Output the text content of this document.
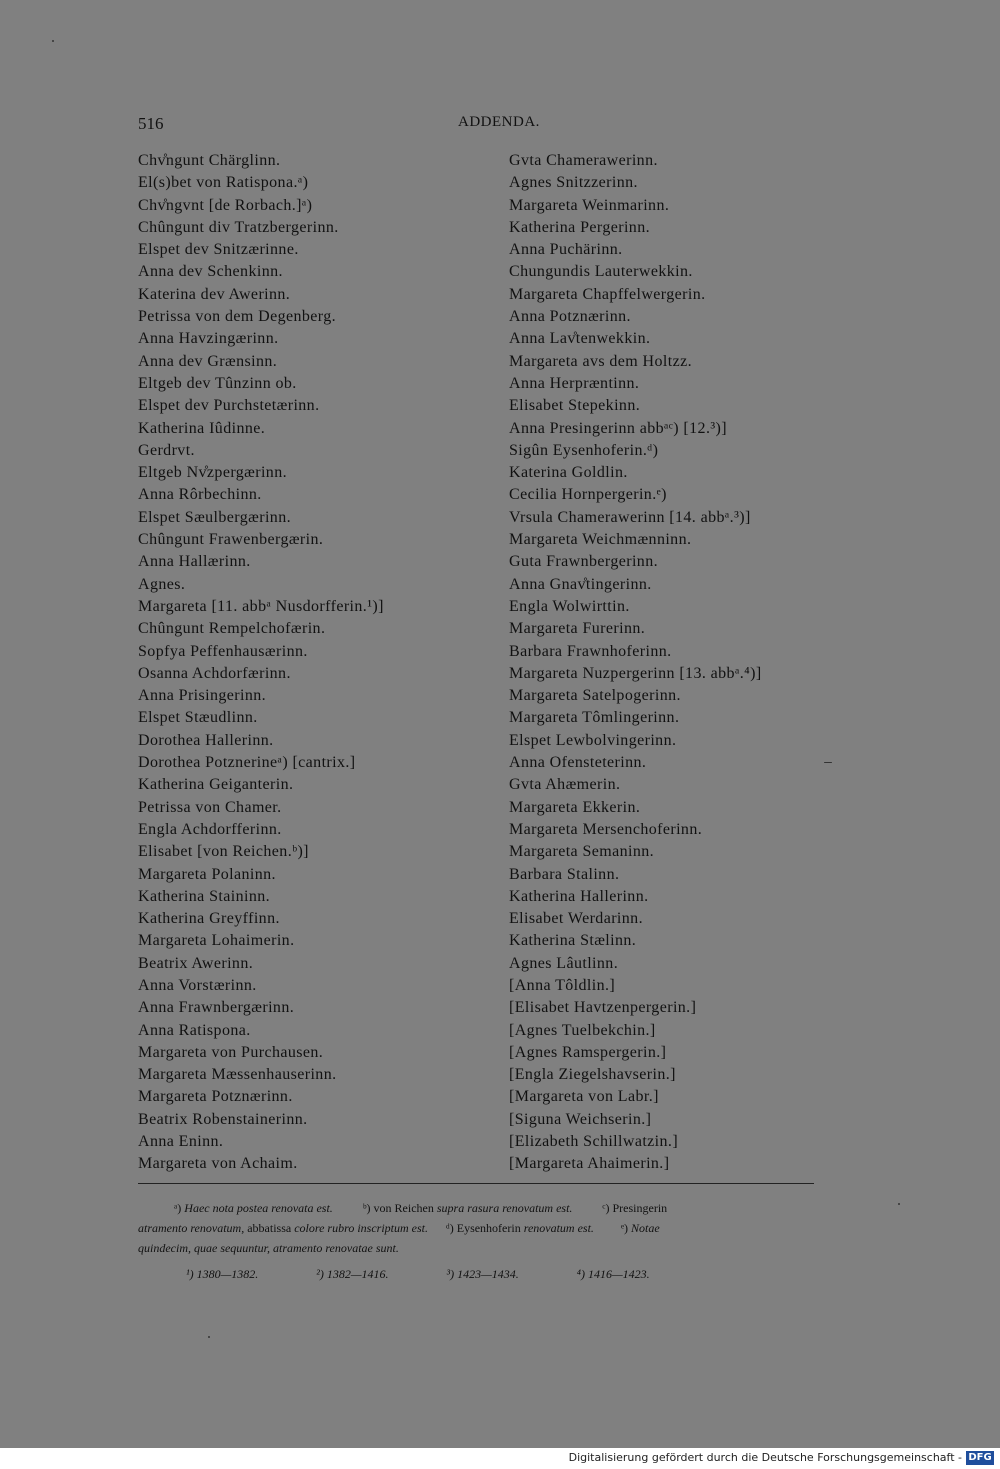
516	ADDENDA.
Chv̊ngunt Chärglinn.
El(s)bet von Ratispona.ᵃ)
Chv̊ngvnt [de Rorbach.]ᵃ)
Chûngunt div Tratzbergerinn.
Elspet dev Snitzærinne.
Anna dev Schenkinn.
Katerina dev Awerinn.
Petrissa von dem Degenberg.
Anna Havzingærinn.
Anna dev Grænsinn.
Eltgeb dev Tûnzinn ob.
Elspet dev Purchstetærinn.
Katherina Iûdinne.
Gerdrvt.
Eltgeb Nv̊zpergærinn.
Anna Rôrbechinn.
Elspet Sæulbergærinn.
Chûngunt Frawenbergærin.
Anna Hallærinn.
Agnes.
Margareta [11. abbᵃ Nusdorfferin.¹)]
Chûngunt Rempelchofærin.
Sopfya Peffenhausærinn.
Osanna Achdorfærinn.
Anna Prisingerinn.
Elspet Stæudlinn.
Dorothea Hallerinn.
Dorothea Potznerineᵃ) [cantrix.]
Katherina Geiganterin.
Petrissa von Chamer.
Engla Achdorfferinn.
Elisabet [von Reichen.ᵇ)]
Margareta Polaninn.
Katherina Staininn.
Katherina Greyffinn.
Margareta Lohaimerin.
Beatrix Awerinn.
Anna Vorstærinn.
Anna Frawnbergærinn.
Anna Ratispona.
Margareta von Purchausen.
Margareta Mæssenhauserinn.
Margareta Potznærinn.
Beatrix Robenstainerinn.
Anna Eninn.
Margareta von Achaim.
Gvta Chamerawerinn.
Agnes Snitzzerinn.
Margareta Weinmarinn.
Katherina Pergerinn.
Anna Puchärinn.
Chungundis Lauterwekkin.
Margareta Chapffelwergerin.
Anna Potznærinn.
Anna Lav̊tenwekkin.
Margareta avs dem Holtzz.
Anna Herpræntinn.
Elisabet Stepekinn.
Anna Presingerinn abbᵃᶜ) [12.³)]
Sigûn Eysenhoferin.ᵈ)
Katerina Goldlin.
Cecilia Hornpergerin.ᵉ)
Vrsula Chamerawerinn [14. abbᵃ.³)]
Margareta Weichmænninn.
Guta Frawnbergerinn.
Anna Gnav̊tingerinn.
Engla Wolwirttin.
Margareta Furerinn.
Barbara Frawnhoferinn.
Margareta Nuzpergerinn [13. abbᵃ.⁴)]
Margareta Satelpogerinn.
Margareta Tômlingerinn.
Elspet Lewbolvingerinn.
Anna Ofensteterinn.
Gvta Ahæmerin.
Margareta Ekkerin.
Margareta Mersenchoferinn.
Margareta Semaninn.
Barbara Stalinn.
Katherina Hallerinn.
Elisabet Werdarinn.
Katherina Stælinn.
Agnes Lâutlinn.
[Anna Tôldlin.]
[Elisabet Havtzenpergerin.]
[Agnes Tuelbekchin.]
[Agnes Ramspergerin.]
[Engla Ziegelshavserin.]
[Margareta von Labr.]
[Siguna Weichserin.]
[Elizabeth Schillwatzin.]
[Margareta Ahaimerin.]
ᵃ) Haec nota postea renovata est.	ᵇ) von Reichen supra rasura renovatum est.	ᶜ) Presingerin
atramento renovatum, abbatissa colore rubro inscriptum est. ᵈ) Eysenhoferin renovatum est. ᵉ) Notae
quindecim, quae sequuntur, atramento renovatae sunt.
¹) 1380—1382.	²) 1382—1416.	³) 1423—1434.	⁴) 1416—1423.
Digitalisierung gefördert durch die Deutsche Forschungsgemeinschaft - DFG
